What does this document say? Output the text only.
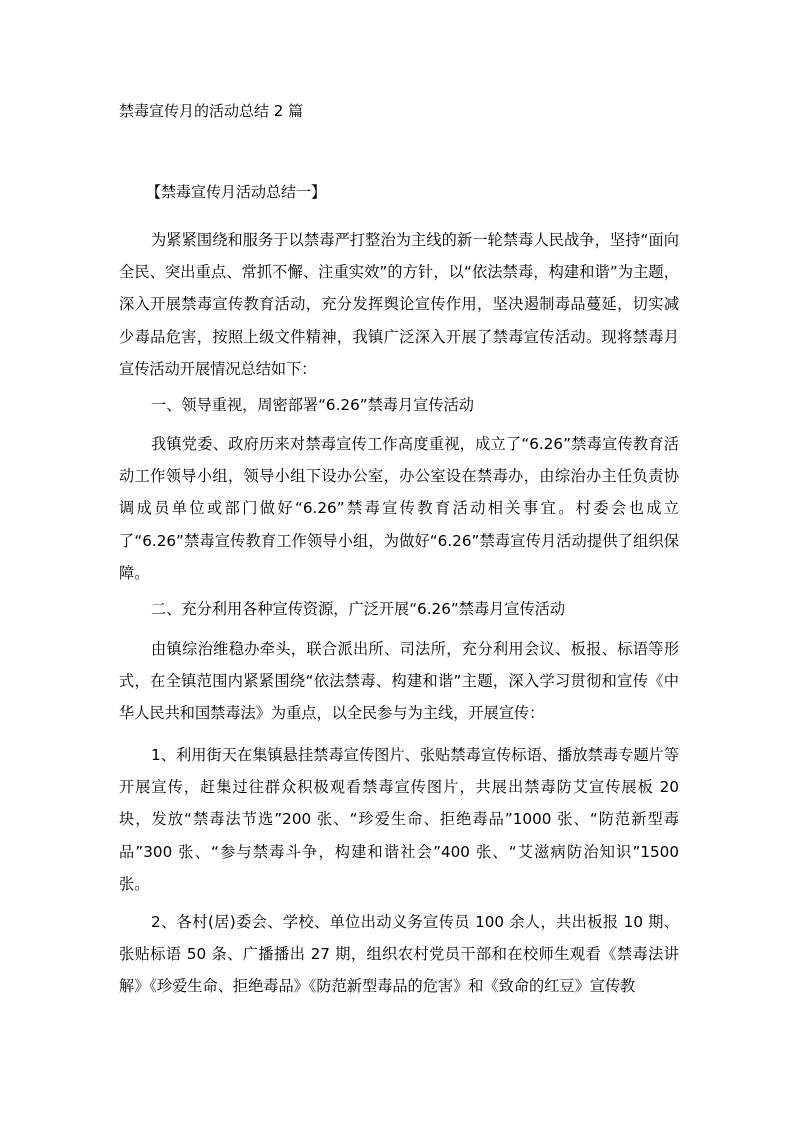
禁毒宣传月的活动总结 2 篇
【禁毒宣传月活动总结一】

为紧紧围绕和服务于以禁毒严打整治为主线的新一轮禁毒人民战争，坚持“面向全民、突出重点、常抓不懈、注重实效”的方针，以“依法禁毒，构建和谐”为主题，深入开展禁毒宣传教育活动，充分发挥舆论宣传作用，坚决遏制毒品蔓延，切实减少毒品危害，按照上级文件精神，我镇广泛深入开展了禁毒宣传活动。现将禁毒月宣传活动开展情况总结如下：

一、领导重视，周密部署“6.26”禁毒月宣传活动

我镇党委、政府历来对禁毒宣传工作高度重视，成立了“6.26”禁毒宣传教育活动工作领导小组，领导小组下设办公室，办公室设在禁毒办，由综治办主任负责协调成员单位或部门做好“6.26”禁毒宣传教育活动相关事宜。村委会也成立了“6.26”禁毒宣传教育工作领导小组，为做好“6.26”禁毒宣传月活动提供了组织保障。

二、充分利用各种宣传资源，广泛开展“6.26”禁毒月宣传活动

由镇综治维稳办牵头，联合派出所、司法所，充分利用会议、板报、标语等形式，在全镇范围内紧紧围绕“依法禁毒、构建和谐”主题，深入学习贯彻和宣传《中华人民共和国禁毒法》为重点，以全民参与为主线，开展宣传：

1、利用街天在集镇悬挂禁毒宣传图片、张贴禁毒宣传标语、播放禁毒专题片等开展宣传，赶集过往群众积极观看禁毒宣传图片，共展出禁毒防艾宣传展板 20 块，发放“禁毒法节选”200 张、“珍爱生命、拒绝毒品”1000 张、“防范新型毒品”300 张、“参与禁毒斗争，构建和谐社会”400 张、“艾滋病防治知识”1500 张。

2、各村(居)委会、学校、单位出动义务宣传员 100 余人，共出板报 10 期、张贴标语 50 条、广播播出 27 期，组织农村党员干部和在校师生观看《禁毒法讲解》《珍爱生命、拒绝毒品》《防范新型毒品的危害》和《致命的红豆》宣传教
